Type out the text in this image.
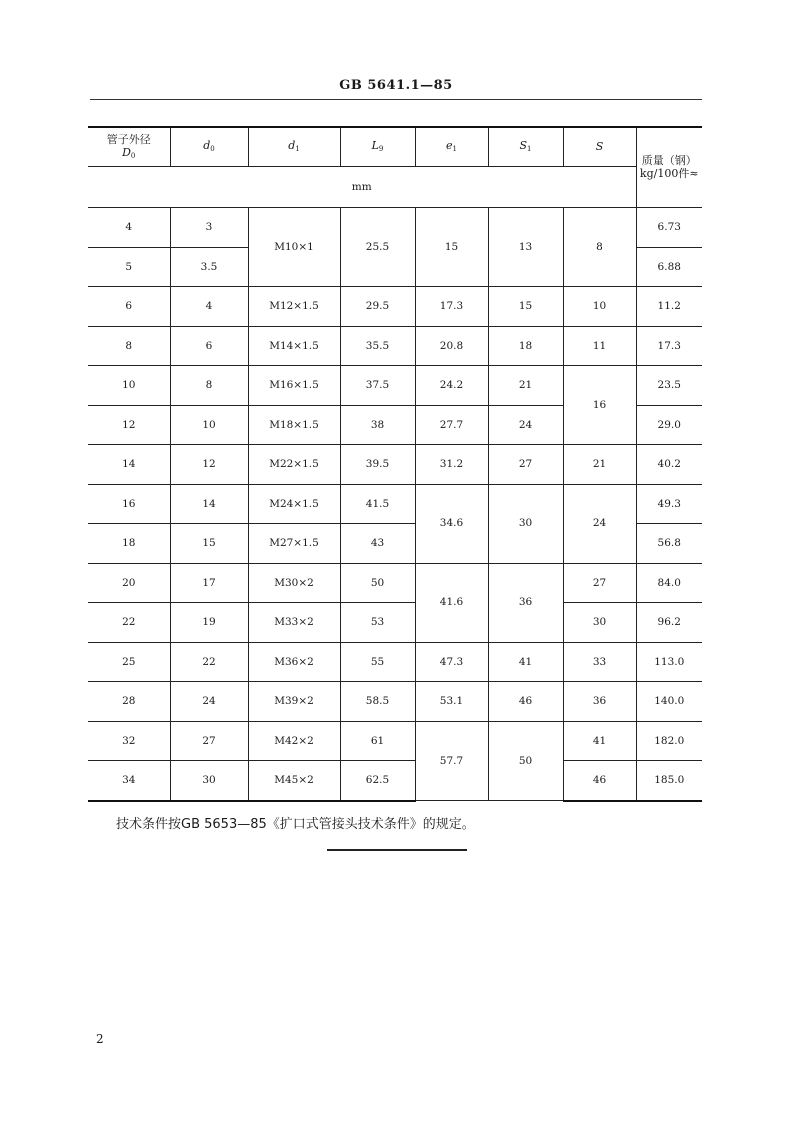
GB 5641.1—85
管子外径
$D_0$	$d_0$	$d_1$	$L_9$	$e_1$	$S_1$	S	质量（钢）
kg/100件≈
mm							
4	3	M10×1	25.5	15	13	8	6.73
5	3.5						6.88
6	4	M12×1.5	29.5	17.3	15	10	11.2
8	6	M14×1.5	35.5	20.8	18	11	17.3
10	8	M16×1.5	37.5	24.2	21	16	23.5
12	10	M18×1.5	38	27.7	24		29.0
14	12	M22×1.5	39.5	31.2	27	21	40.2
16	14	M24×1.5	41.5	34.6	30	24	49.3
18	15	M27×1.5	43				56.8
20	17	M30×2	50	41.6	36	27	84.0
22	19	M33×2	53			30	96.2
25	22	M36×2	55	47.3	41	33	113.0
28	24	M39×2	58.5	53.1	46	36	140.0
32	27	M42×2	61	57.7	50	41	182.0
34	30	M45×2	62.5			46	185.0
技术条件按GB 5653—85《扩口式管接头技术条件》的规定。
2
